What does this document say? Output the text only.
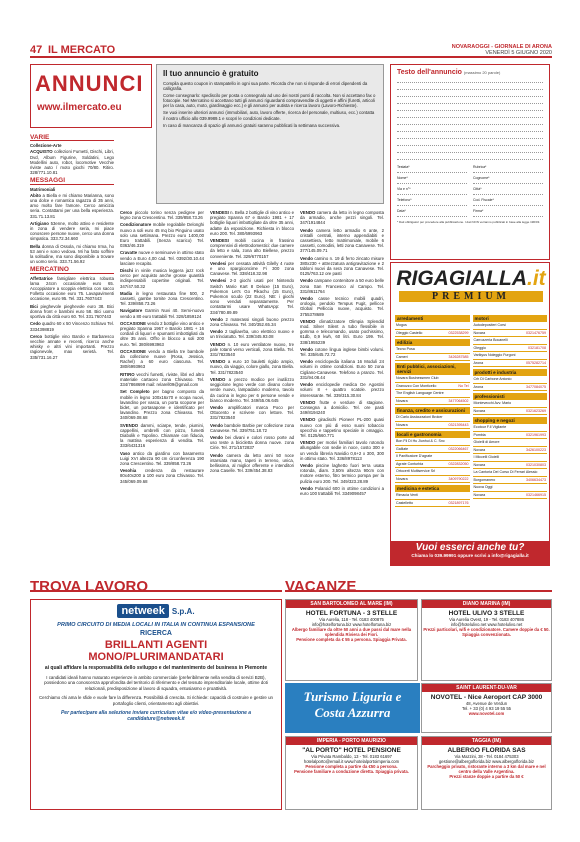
47 IL MERCATO	NOVARAOGGI - GIORNALE DI ARONA
VENERDÌ 5 GIUGNO 2020
ANNUNCI
www.ilmercato.eu
Il tuo annuncio è gratuito

Compila questo coupon in stampatello in ogni sua parte. Ricorda che non si risponde di errori dipendenti da calligrafia.

Come consegnarlo: spediscilo per posta o consegnalo ad uno dei nostri punti di raccolta. Non si accettano fax o fotocopie. Nel Mercatino si accettano tutti gli annunci riguardanti compravendite di oggetti e affini (furetti, articoli per la casa, auto, moto, giardinaggio ecc.) e gli annunci per autista e ricerca lavoro (Lavoro-Richieste).

Se vuoi inserire ulteriori annunci (immobiliari, auto, lavoro offerte, ricerca del personale, multiuso, ecc.) contatta il nostro ufficio allo 039.9989.1 e scopri le condizioni dedicate.

In caso di mancanza di spazio gli annunci gratuiti saranno pubblicati la settimana successiva.

Testo dell'annuncio (massimo 20 parole)
Testata*	Rubrica*
Nome*	Cognome*
Via e n°*	Città*
Telefono*	Cod. Fiscale*
Data*	Firma*
* Dati obbligatori per procedere alla pubblicazione. I dati NON verranno pubblicati in base alla legge 196/03.
VARIE
Collezione-Arte
ACQUISTO collezioni Fumetti, Dischi, Libri, Dvd, Album Figurine, Soldatini, Lego Modellini auto, robot, locomotive Vecchie riviste auto / moto giochi 70/80. Ritiro. 328/771.10.81
MESSAGGI
Matrimoniali
Abito a Biella e mi chiamo Marianna, sono una dolce e romantica ragazza di 35 anni, amo molto fare l'amore. Cerco amicizia seria. Contattami per una bella esperienza. 331.71.13.81
Artigiano 53enne, molto attivo e residente in zona di vendere seria, mi piace conoscere persone nuove, cerco una donna simpatica. 333.72.34.660
Bella donna di Ossola, mi chiamo Irma, ho 53 anni e sono vedova. Mi ha fatto soffrire la solitudine, ma sono disponibile a trovare un uomo serio. 333.71.56.92
MERCATINO
Affettatrice famigliare elettrica robusta lama 24cm occasionale euro 65. Accoppiatore a scoppia elettrica con sacco Folletto occasione euro 75. Lavapavimenti occasione, euro 95. Tel. 331.7607443
Bici pieghevole pieghevole euro 38. Bici donna front e bambini euro 58. Bici uomo sportiva da città euro 60. Tel. 331.7607443
Cedo quadro 60 x 50 Vincenzo Schiavo Tel. 3334398819
Cerco bottiglie vino Barolo e Barbaresco vecchie annate e recenti, ricerco anche whisky e altri vini importanti. Prezzo ragionevole, max serietà. Tel. 335/731.16.27
Cerco piccolo torino senza pedigree per legno zona Crescentino. Tel. 339/858.73.26
Condizionatore mobile regolabile Delonghi nuovo a soli euro 45 mq bio Pinguino usato solo una settimana. Prezzo euro 1400,00 Euro trattabili. (Senza scarico) Tel. 0363/46.319
Cravatte nuove e seminuove in ottimo stato vendo a Euro 4,00 cad. Tel. 0392/30.10.44 lasciare recapito.
Dischi in vinile musica leggera jazz rock cerco per acquisto anche grosse quantità indispensabili copertine originali. Tel. 347/47.50.32
Madia in legno restaurata fine 500, 2 cassetti, gambe tornite zona Crescentino. Tel. 339/858.73.26
Navigatore Garmin Nuvi 40. Semi-nuovo vendo a 80 euro trattabili Tel. 328/1859124
OCCASIONE vendo 2 bottiglie vino antico e pregiato Spanna 1967 e Barolo 1981 + 16 cordiali di liquori e spumanti imbottigliati da oltre 35 anni. Offro in blocco a soli 200 euro. Tel. 380/6993963
OCCASIONE vendo a Biella tre bambole da collezione nuove (Rosa, Jessica, Rachel) a 60 euro ciascuna. Tel. 380/6993963
RITIRO vecchi fumetti, riviste, libri ed altro materiale cartaceo zona Chivasso. Tel. 334/7868699 mail: relarell09@gmail.com
Set Completo per bagno composto da mobile in legno 100x16x70 e scopa nuovi, lavandino per vasca, un porta scopone per bidet, un portasapone e identificato per lavandino. Prezzo zona Chivasso. Tel. 340/069.08.68
SVENDO dammi, sciarpe, tende, piumini, cappellini, ombrelli con pizzo, fumetti Diabolik e Topolino. Chiamare con fiducia, la mattina esperienza di vendita. Tel. 333/6431316
Vaso antico da giardino con basamento Luigi XVI altezza 90 cm circonferenza 190 zona Crescentino. Tel. 339/858.73.26
Vesohia credenza da restaurare 80x40x200 a 100 euro zona Chivasso. Tel. 345/069.09.68
VENDESI n. Bella 2 bottiglie di vino antico e pregiato Spanna 67 e Barolo 1981 + 17 bottiglie liquori imbottigliate da oltre 35 anni, adatte da esposizione. Richiesta in blocco euro 200. Tel. 380/6993963
VENDESI mobili cucina in frassino comprensivi di elettrodomestici: due camere da letto e sala, zona alto Biellese, prezzo conveniente. Tel. 329/6770157
Vendesi per cessata attività Gilelly 4 ruote e uno spargiconcime Fi 300 zona Canavese. Tel. 338/418.32.98
Vendesi 2-3 giochi usati per Nintendo Switch Mario Kart 8 Deluxe (15 Euro), Pokemon Let's Go Pikachu (15 Euro), Pokemon scudo (22 Euro). NB: i giochi sono venduti separatamente. Per contattarmi usare WhatsApp: Tel. 334/780.89.89
Vendo 2 materassi singoli buono prezzo zona Chivasso. Tel. 340/352.65.34
Vendo 2 tagliaerba, uno elettrico nuovo e un trinciatutto. Tel. 339/345.93.08
VENDO n. 10 euro ventilatore nuovo, tre pale rotanti verso verticali, zona Biella. Tel. 331/7823540
VENDO a euro 10 bauletti rigido ampio, nuovo, da viaggio, colore giallo, zona Biella. Tel. 331/7823540
VENDO a prezzo modico per inutilizzo seggiolone legno verde con divano colore verde nuovo, lampadario moderno, tavolo da cucina in legno per 6 persone vende e bianco moderno. Tel. 349/55.06.645
Vendo amplificatori marca Poco per Ottocento e scrivere con lettore. Tel. 331/7823540
Vendo bambole Barbie per collezione zona Canavese. Tel. 339/751.18.72
Vendo bei divani e colori rosso porte ad uso teste a bicicletta donna nuove. zona Cirie. Tel. 371/1572837
Vendo camera da letto anni 50 noce intarsiata mano, tapeti in terreno, unica, bellissima, al miglior offerente e intenditori zona Caselle. Tel. 339/454.38.83
VENDO camera da letto in legno composta da armadio, anche pezzi singoli. Tel. 347/1914844
Vendo camera letto armadio 6 ante, 2 cristalli centrali, interno appendiabiti e cassettiera, letto matrimoniale, mobile 6 cassetti, comodini, letti zona Canavese. Tel. 377/145.09.71
Vendo camino n. 19 di ferro zincato misure 380x230 + attrezzatura antigravitazione e 2 tabloni nuovi da sera zona Canavese. Tel. 0125/763.12 ore pasti
Vendo campane contenitore a 50 euro belle zona San Francesco al Campo. Tel. 331/8611764
Vendo casse tecnico mobili quadri, orologio, pendolo Tempus Fugit, pellicce Global Pelliccia nuove, acquisto. Tel. 3755378689
VENDO climatizzatore Olimpia Splendid mod. Silver Silent a tubo flessibile in gomma e telecomando, usato pochissimo, 61db, 0,9 kwh, 60 litri. Euro 199. Tel. 338/1955239
Vendo cotone lingua inglese bimbi volumi. Tel. 335/645.72.72
Vendo enciclopedia italiana 16 Moduli 24 volumi in ottime condizioni. Euro 50 zona Cigliano-Canavese. Telefono a pranzo. Tel. 331/94.08.44
Vendo enciclopedie medica De Agostini volumi 8 + quattro scatole. prezzo interessante. Tel. 339/315.30.84
VENDO frutte e verdure di stagione. Consegna a domicilio. Tel. ore pasti 349/8194240
VENDO giradischi Pioneer PL-200 quasi nuovo con più di esso suoni tobaccio specchio e tappetino speciale in omaggio. Tel. 0125/660.771
VENDO per motivi familiari tavolo rotondo allungabile con sedie in noce, costo 300 e un vendo libreria Navidio 0,6+2 x 300, 300 in ottimo stato. Tel. 336/8978113
Vendo piscine laghetto fuori terra usata rotonda, diam. 3,50m altezza 90cm con motore esterno, fitro termico pompa per la pulizia euro 200. Tel. 349/323.28.89
Vendo Polaroid 600 in ottime condizioni a euro 100 trattabili Tel. 3349098457
RIGAGIALLA.it
PREMIUM
arredamenti
Mogus
Oleggio Castello	0322538299
edilizia
Tecno Posa
Cameri	3426287585
Enti pubblici, associazioni, servizi
Novara Businessmen Club
Granozzo Con Monticello	No Tel
The English Language Centre
Novara	3477064502
finanza, credito e assicurazioni
Di Carlo Assicurazioni Broker
Novara	0321395443
locali e gastronomia
Bon Fil Di Hu Jiunhui & C. Snc
Galliate	0322066467
Il Panificatore D'agrate
Agrate Conturbia	0322832050
Ortocerti Multiservice Srl
Novara	3409790222
medicina e estetica
Rimacia Venti
Castelletto	0321897176
motori
Autodepositeri Corsi
Novara	0321476759
Carrozzeria Bocanelli
Oleggio	032181708
Varikyus Noleggio Furgoni
Arona	0575282714
prodotti e industria
Crh Di Carbone Antonio
Arona	3477084075
professionisti
Montevecchi Avv. Mario
Novara	0321623269
shopping e negozi
Ecotour F.Il Vigilante
Pombia	0321961993
Gioielli di Amore
Novara	3426100223
I Miccelli Gioielli
Novara	0321030803
La Cantoria Del Corso Di Ferrari Alessio
Borgomanero	3406634473
Nuova Oggi
Novara	0321466915
Vuoi esserci anche tu?
Chiama lo 039.99991 oppure scrivi a info@rigagialla.it
TROVA LAVORO
netweek S.p.A.
PRIMO CIRCUITO DI MEDIA LOCALI IN ITALIA IN CONTINUA ESPANSIONE
RICERCA
BRILLANTI AGENTI MONO/PLURIMANDATARI
ai quali affidare la responsabilità dello sviluppo e del mantenimento del business in Piemonte
I candidati ideali hanno maturato esperienze in ambito commerciale (preferibilmente nella vendita di servizi B2B), possiedono una conoscenza approfondita del territorio di riferimento e del tessuto imprenditoriale locale, ottime doti relazionali, predisposizione al lavoro di squadra, entusiasmo e proattività.
Cerchiamo chi ama le sfide e vuole fare la differenza. Possibilità di crescita. Si richiede: capacità di costruire e gestire un portafoglio clienti, orientamento agli obiettivi.
Per partecipare alla selezione inviare curriculum vitae e/o video-presentazione a candidature@netweek.it
VACANZE
SAN BARTOLOMEO AL MARE (IM)
HOTEL FORTUNA - 3 STELLE
Via Aurelia, 118 - Tel. 0183 400875
info@hotelfortuna.biz www.hotelfortuna.biz
Albergo familiare da oltre 50 anni a due passi dal mare nella splendida Riviera dei Fiori.
Pensione completa da € 55 a persona. Spiaggia Privata.
DIANO MARINA (IM)
HOTEL ULIVO 3 STELLE
Via Aurelia Ovest, 19 - Tel. 0183 407886
info@hotelulivo.net www.hotelulivo.net
Prezzi particolari, wifi e condizionatore. Camere doppie da € 50.
Spiaggia convenzionata.
SAINT LAURENT-DU-VAR
NOVOTEL - Nice Aeroport CAP 3000
48, Avenue de Verdun
Tel. + 33 (0) 4 93 19 55 55
www.novotel.com
IMPERIA - PORTO MAURIZIO
"AL PORTO" HOTEL PENSIONE
Via Privata Rambaldo, 13 - Tel. 0183 61697
hotelalporto@email.it www.hotelalportoimperia.com
Pensione completa a partire da €50 a persona.
Pensione familiare a conduzione diretta. Spiaggia privata.
TAGGIA (IM)
ALBERGO FLORIDA SAS
Via Mazzini, 38 - Tel. 0184 475303
gestione@albergoflorida.biz www.albergoflorida.biz
Parcheggio privato, ristorante interno a 3 km dal mare e nel centro della Valle Argentina.
Prezzi stanze doppie a partire da 50 €
Turismo Liguria e
Costa Azzurra
